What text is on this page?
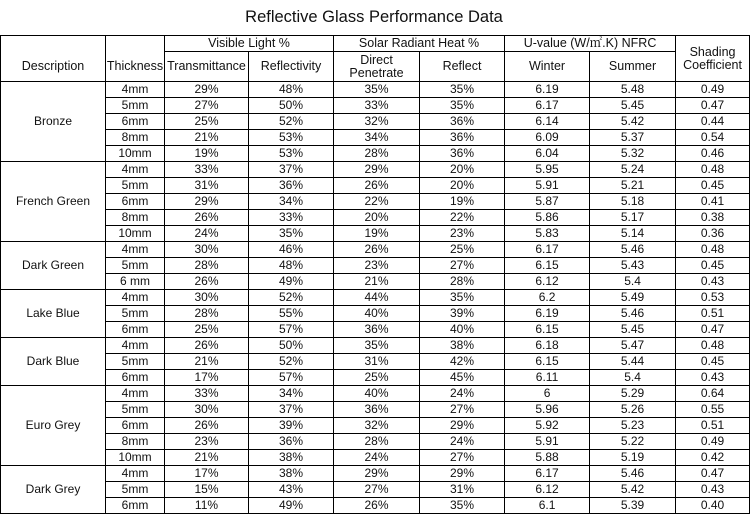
Reflective Glass Performance Data
		Visible Light %		Solar Radiant Heat %		U-value (W/㎡.K) NFRC		Shading Coefficient
Description	Thickness	Transmittance	Reflectivity	Direct Penetrate	Reflect	Winter	Summer	
Bronze	4mm	29%	48%	35%	35%	6.19	5.48	0.49
	5mm	27%	50%	33%	35%	6.17	5.45	0.47
	6mm	25%	52%	32%	36%	6.14	5.42	0.44
	8mm	21%	53%	34%	36%	6.09	5.37	0.54
	10mm	19%	53%	28%	36%	6.04	5.32	0.46
French Green	4mm	33%	37%	29%	20%	5.95	5.24	0.48
	5mm	31%	36%	26%	20%	5.91	5.21	0.45
	6mm	29%	34%	22%	19%	5.87	5.18	0.41
	8mm	26%	33%	20%	22%	5.86	5.17	0.38
	10mm	24%	35%	19%	23%	5.83	5.14	0.36
Dark Green	4mm	30%	46%	26%	25%	6.17	5.46	0.48
	5mm	28%	48%	23%	27%	6.15	5.43	0.45
	6 mm	26%	49%	21%	28%	6.12	5.4	0.43
Lake Blue	4mm	30%	52%	44%	35%	6.2	5.49	0.53
	5mm	28%	55%	40%	39%	6.19	5.46	0.51
	6mm	25%	57%	36%	40%	6.15	5.45	0.47
Dark Blue	4mm	26%	50%	35%	38%	6.18	5.47	0.48
	5mm	21%	52%	31%	42%	6.15	5.44	0.45
	6mm	17%	57%	25%	45%	6.11	5.4	0.43
Euro Grey	4mm	33%	34%	40%	24%	6	5.29	0.64
	5mm	30%	37%	36%	27%	5.96	5.26	0.55
	6mm	26%	39%	32%	29%	5.92	5.23	0.51
	8mm	23%	36%	28%	24%	5.91	5.22	0.49
	10mm	21%	38%	24%	27%	5.88	5.19	0.42
Dark Grey	4mm	17%	38%	29%	29%	6.17	5.46	0.47
	5mm	15%	43%	27%	31%	6.12	5.42	0.43
	6mm	11%	49%	26%	35%	6.1	5.39	0.40
